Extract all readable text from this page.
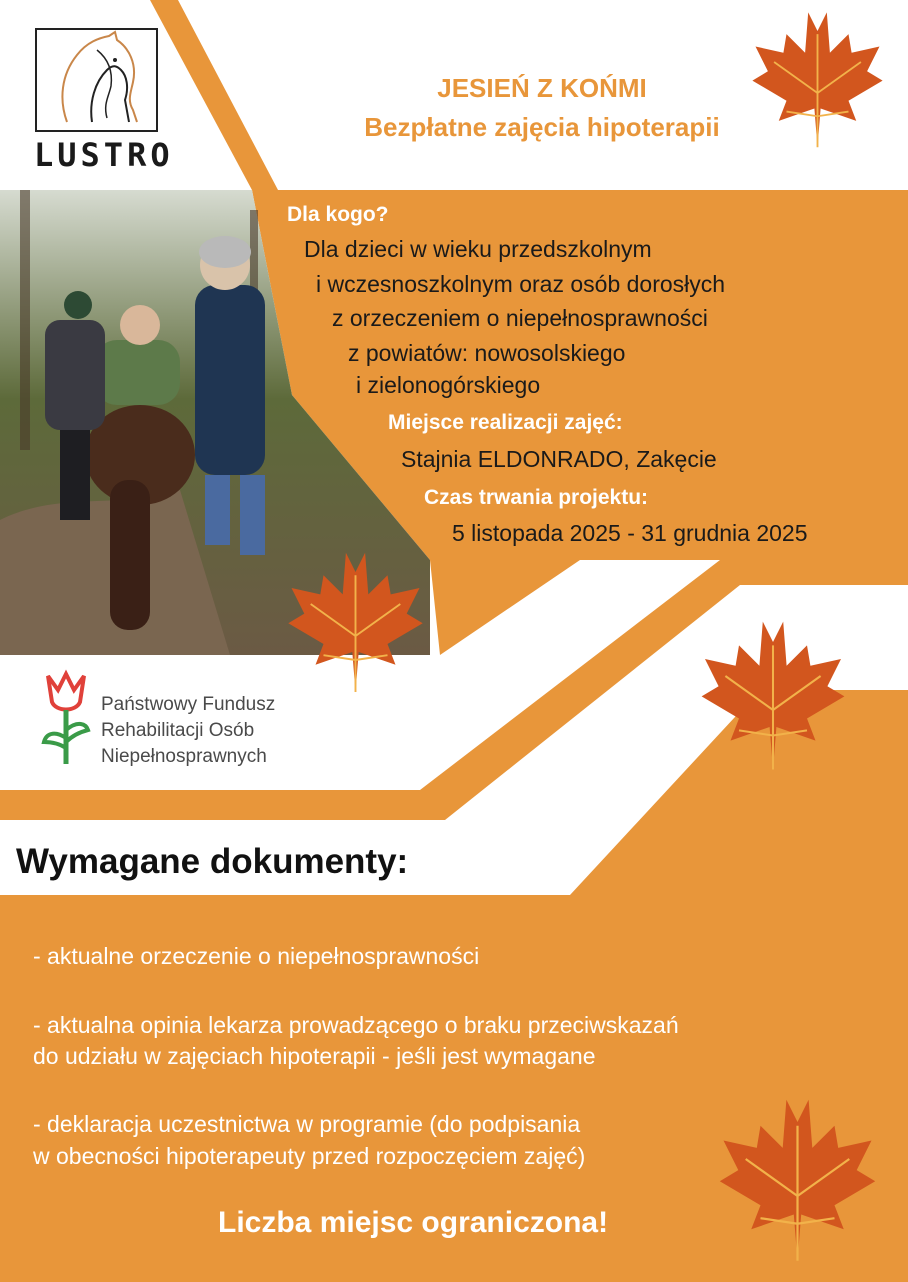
LUSTRO
JESIEŃ Z KOŃMI
Bezpłatne zajęcia hipoterapii
Dla kogo?
Dla dzieci w wieku przedszkolnym
i wczesnoszkolnym oraz osób dorosłych
z orzeczeniem o niepełnosprawności
z powiatów: nowosolskiego
i zielonogórskiego
Miejsce realizacji zajęć:
Stajnia ELDONRADO, Zakęcie
Czas trwania projektu:
5 listopada 2025 - 31 grudnia 2025
Państwowy Fundusz
Rehabilitacji Osób
Niepełnosprawnych
Wymagane dokumenty:
- aktualne orzeczenie o niepełnosprawności
- aktualna opinia lekarza prowadzącego o braku przeciwskazań
do udziału w zajęciach hipoterapii - jeśli jest wymagane
- deklaracja uczestnictwa w programie (do podpisania
w obecności hipoterapeuty przed rozpoczęciem zajęć)
Liczba miejsc ograniczona!
